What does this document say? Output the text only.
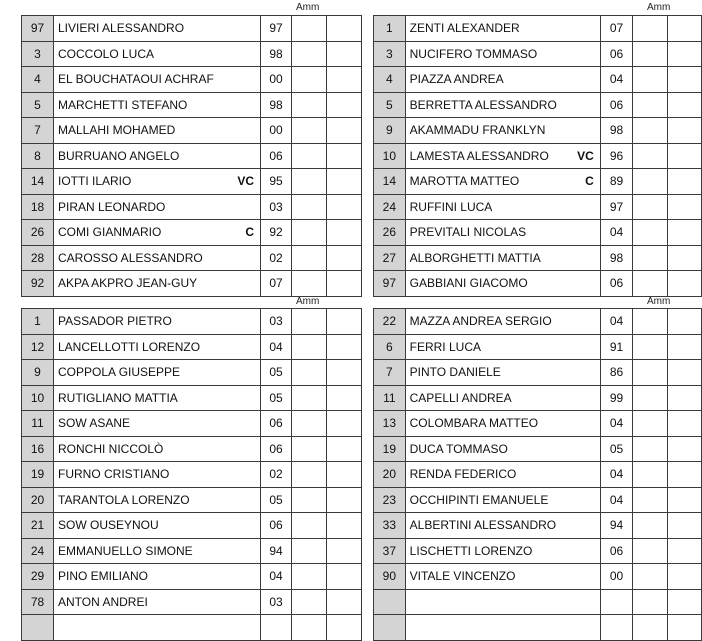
Amm
97	LIVIERI ALESSANDRO	97		
3	COCCOLO LUCA	98		
4	EL BOUCHATAOUI ACHRAF	00		
5	MARCHETTI STEFANO	98		
7	MALLAHI MOHAMED	00		
8	BURRUANO ANGELO	06		
14	IOTTI ILARIO VC	95		
18	PIRAN LEONARDO	03		
26	COMI GIANMARIO C	92		
28	CAROSSO ALESSANDRO	02		
92	AKPA AKPRO JEAN-GUY	07		
Amm
1	ZENTI ALEXANDER	07		
3	NUCIFERO TOMMASO	06		
4	PIAZZA ANDREA	04		
5	BERRETTA ALESSANDRO	06		
9	AKAMMADU FRANKLYN	98		
10	LAMESTA ALESSANDRO VC	96		
14	MAROTTA MATTEO C	89		
24	RUFFINI LUCA	97		
26	PREVITALI NICOLAS	04		
27	ALBORGHETTI MATTIA	98		
97	GABBIANI GIACOMO	06		
Amm
1	PASSADOR PIETRO	03		
12	LANCELLOTTI LORENZO	04		
9	COPPOLA GIUSEPPE	05		
10	RUTIGLIANO MATTIA	05		
11	SOW ASANE	06		
16	RONCHI NICCOLÒ	06		
19	FURNO CRISTIANO	02		
20	TARANTOLA LORENZO	05		
21	SOW OUSEYNOU	06		
24	EMMANUELLO SIMONE	94		
29	PINO EMILIANO	04		
78	ANTON ANDREI	03		

Amm
22	MAZZA ANDREA SERGIO	04		
6	FERRI LUCA	91		
7	PINTO DANIELE	86		
11	CAPELLI ANDREA	99		
13	COLOMBARA MATTEO	04		
19	DUCA TOMMASO	05		
20	RENDA FEDERICO	04		
23	OCCHIPINTI EMANUELE	04		
33	ALBERTINI ALESSANDRO	94		
37	LISCHETTI LORENZO	06		
90	VITALE VINCENZO	00		
